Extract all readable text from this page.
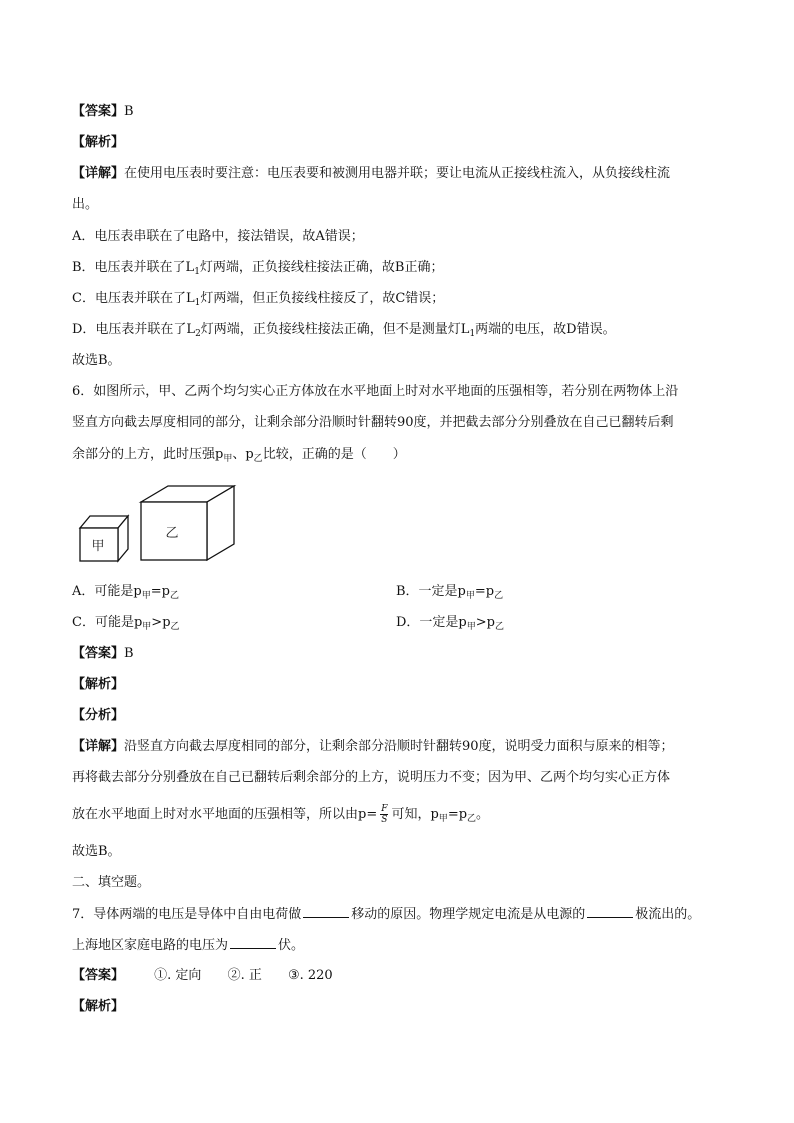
【答案】B
【解析】
【详解】在使用电压表时要注意：电压表要和被测用电器并联；要让电流从正接线柱流入，从负接线柱流
出。
A．电压表串联在了电路中，接法错误，故A错误；
B．电压表并联在了$L_1$灯两端，正负接线柱接法正确，故B正确；
C．电压表并联在了$L_1$灯两端，但正负接线柱接反了，故C错误；
D．电压表并联在了$L_2$灯两端，正负接线柱接法正确，但不是测量灯$L_1$两端的电压，故D错误。
故选B。
6．如图所示，甲、乙两个均匀实心正方体放在水平地面上时对水平地面的压强相等，若分别在两物体上沿
竖直方向截去厚度相同的部分，让剩余部分沿顺时针翻转90度，并把截去部分分别叠放在自己已翻转后剩
余部分的上方，此时压强$p_甲$、$p_乙$比较，正确的是（　　）
甲
乙
A．可能是$p_甲=p_乙$	B．一定是$p_甲=p_乙$
C．可能是$p_甲>p_乙$	D．一定是$p_甲>p_乙$
【答案】B
【解析】
【分析】
【详解】沿竖直方向截去厚度相同的部分，让剩余部分沿顺时针翻转90度，说明受力面积与原来的相等；
再将截去部分分别叠放在自己已翻转后剩余部分的上方，说明压力不变；因为甲、乙两个均匀实心正方体
放在水平地面上时对水平地面的压强相等，所以由$p= \frac{F}{S}$ 可知，$p_甲=p_乙$。
故选B。
二、填空题。
7．导体两端的电压是导体中自由电荷做	移动的原因。物理学规定电流是从电源的	极流出的。
上海地区家庭电路的电压为	伏。
【答案】 ①. 定向 ②. 正 ③. 220
【解析】
